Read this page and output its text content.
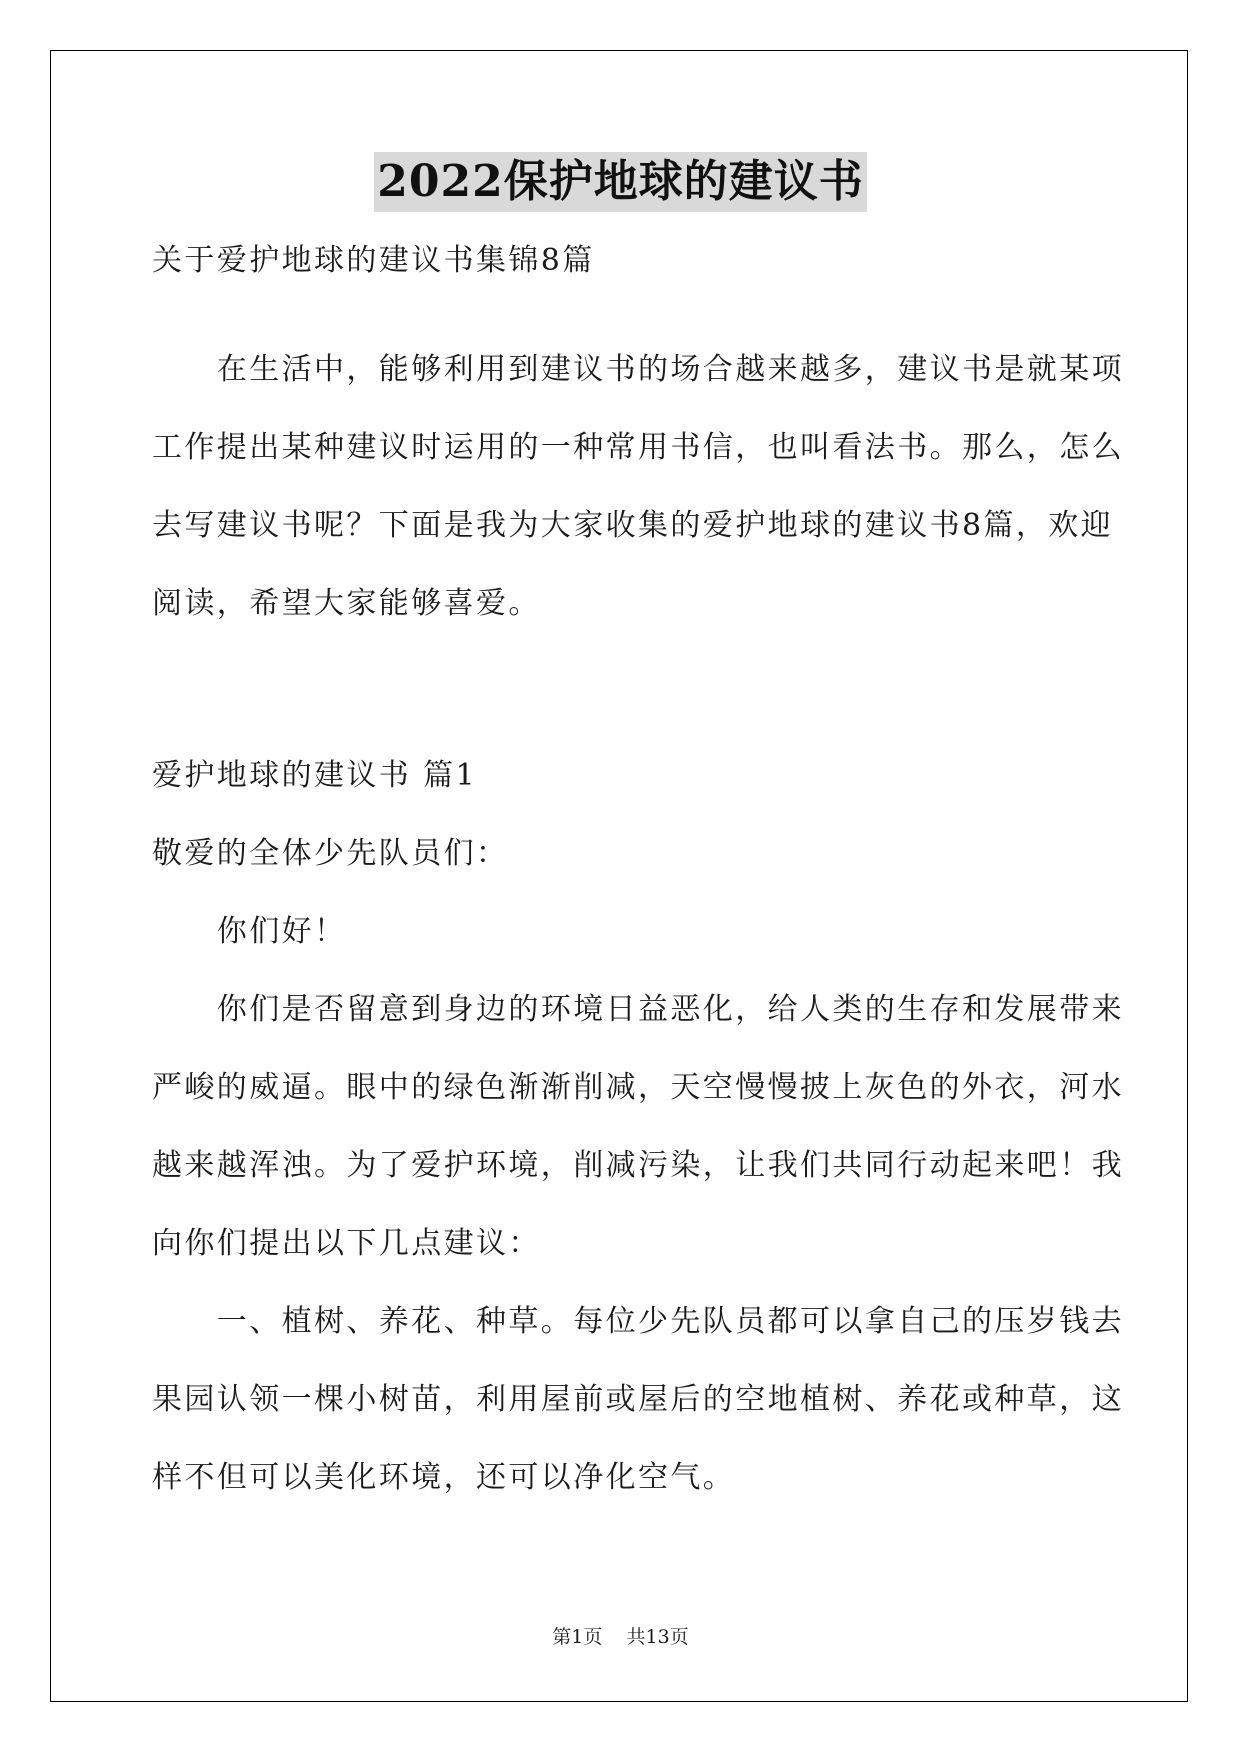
2022保护地球的建议书
关于爱护地球的建议书集锦8篇
　　在生活中，能够利用到建议书的场合越来越多，建议书是就某项
工作提出某种建议时运用的一种常用书信，也叫看法书。那么，怎么
去写建议书呢？下面是我为大家收集的爱护地球的建议书8篇，欢迎
阅读，希望大家能够喜爱。
爱护地球的建议书 篇1
敬爱的全体少先队员们：
　　你们好！
　　你们是否留意到身边的环境日益恶化，给人类的生存和发展带来
严峻的威逼。眼中的绿色渐渐削减，天空慢慢披上灰色的外衣，河水
越来越浑浊。为了爱护环境，削减污染，让我们共同行动起来吧！我
向你们提出以下几点建议：
　　一、植树、养花、种草。每位少先队员都可以拿自己的压岁钱去
果园认领一棵小树苗，利用屋前或屋后的空地植树、养花或种草，这
样不但可以美化环境，还可以净化空气。
第1页 共13页
